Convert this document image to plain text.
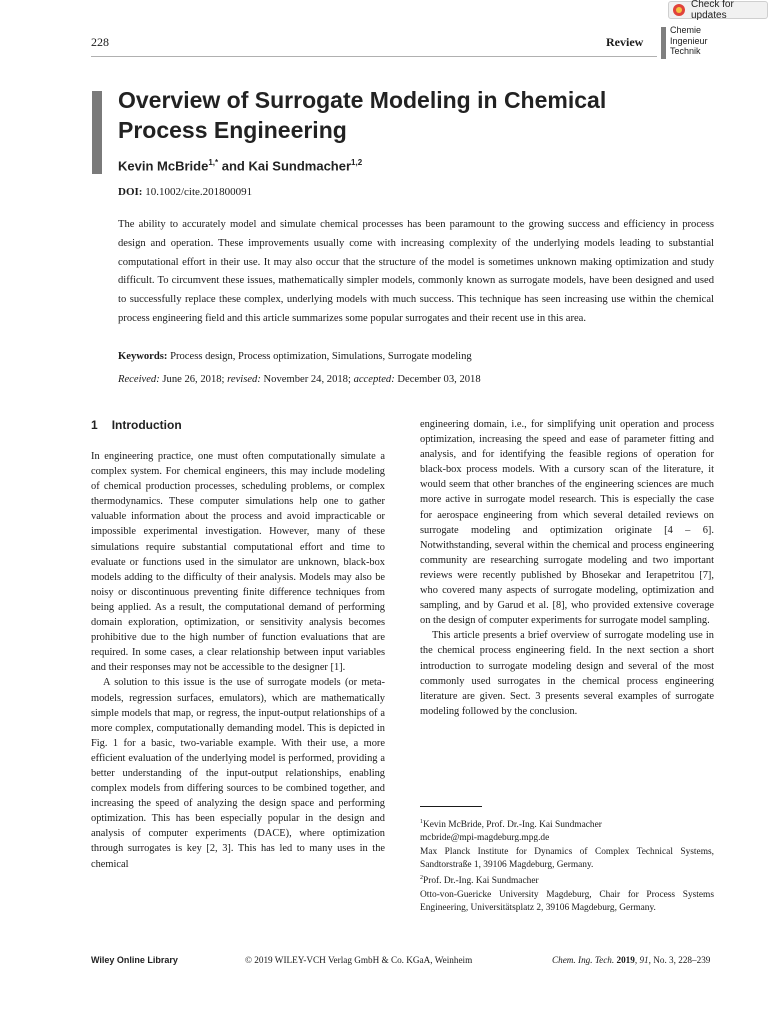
Check for updates
228	Review
Chemie
Ingenieur
Technik
Overview of Surrogate Modeling in Chemical Process Engineering
Kevin McBride$^{1,*}$ and Kai Sundmacher$^{1,2}$
DOI: 10.1002/cite.201800091
The ability to accurately model and simulate chemical processes has been paramount to the growing success and efficiency in process design and operation. These improvements usually come with increasing complexity of the underlying models leading to substantial computational effort in their use. It may also occur that the structure of the model is sometimes unknown making optimization and study difficult. To circumvent these issues, mathematically simpler models, commonly known as surrogate models, have been designed and used to successfully replace these complex, underlying models with much success. This technique has seen increasing use within the chemical process engineering field and this article summarizes some popular surrogates and their recent use in this area.
Keywords: Process design, Process optimization, Simulations, Surrogate modeling
Received: June 26, 2018; revised: November 24, 2018; accepted: December 03, 2018
1 Introduction

In engineering practice, one must often computationally simulate a complex system. For chemical engineers, this may include modeling of chemical production processes, scheduling problems, or complex thermodynamics. These computer simulations help one to gather valuable information about the process and avoid impracticable or impossible experimental investigation. However, many of these simulations require substantial computational effort and time to evaluate or functions used in the simulator are unknown, black-box models adding to the difficulty of their analysis. Models may also be noisy or discontinuous preventing finite difference techniques from being applied. As a result, the computational demand of performing domain exploration, optimization, or sensitivity analysis becomes prohibitive due to the high number of function evaluations that are required. In some cases, a clear relationship between input variables and their responses may not be accessible to the designer [1].

A solution to this issue is the use of surrogate models (or meta-models, regression surfaces, emulators), which are mathematically simple models that map, or regress, the input-output relationships of a more complex, computationally demanding model. This is depicted in Fig. 1 for a basic, two-variable example. With their use, a more efficient evaluation of the underlying model is performed, providing a better understanding of the input-output relationships, enabling complex models from differing sources to be combined together, and increasing the speed of analyzing the design space and performing optimization. This has been especially popular in the design and analysis of computer experiments (DACE), where optimization through surrogates is key [2, 3]. This has led to many uses in the chemical

engineering domain, i.e., for simplifying unit operation and process optimization, increasing the speed and ease of parameter fitting and analysis, and for identifying the feasible regions of operation for black-box process models. With a cursory scan of the literature, it would seem that other branches of the engineering sciences are much more active in surrogate model research. This is especially the case for aerospace engineering from which several detailed reviews on surrogate modeling and optimization originate [4 – 6]. Notwithstanding, several within the chemical and process engineering community are researching surrogate modeling and two important reviews were recently published by Bhosekar and Ierapetritou [7], who covered many aspects of surrogate modeling, optimization and sampling, and by Garud et al. [8], who provided extensive coverage on the design of computer experiments for surrogate model sampling.

This article presents a brief overview of surrogate modeling use in the chemical process engineering field. In the next section a short introduction to surrogate modeling design and several of the most commonly used surrogates in the chemical process engineering literature are given. Sect. 3 presents several examples of surrogate modeling followed by the conclusion.

$^1$Kevin McBride, Prof. Dr.-Ing. Kai Sundmacher
mcbride@mpi-magdeburg.mpg.de
Max Planck Institute for Dynamics of Complex Technical Systems, Sandtorstraße 1, 39106 Magdeburg, Germany.
$^2$Prof. Dr.-Ing. Kai Sundmacher
Otto-von-Guericke University Magdeburg, Chair for Process Systems Engineering, Universitätsplatz 2, 39106 Magdeburg, Germany.
Wiley Online Library	© 2019 WILEY-VCH Verlag GmbH & Co. KGaA, Weinheim	Chem. Ing. Tech. 2019, 91, No. 3, 228–239
